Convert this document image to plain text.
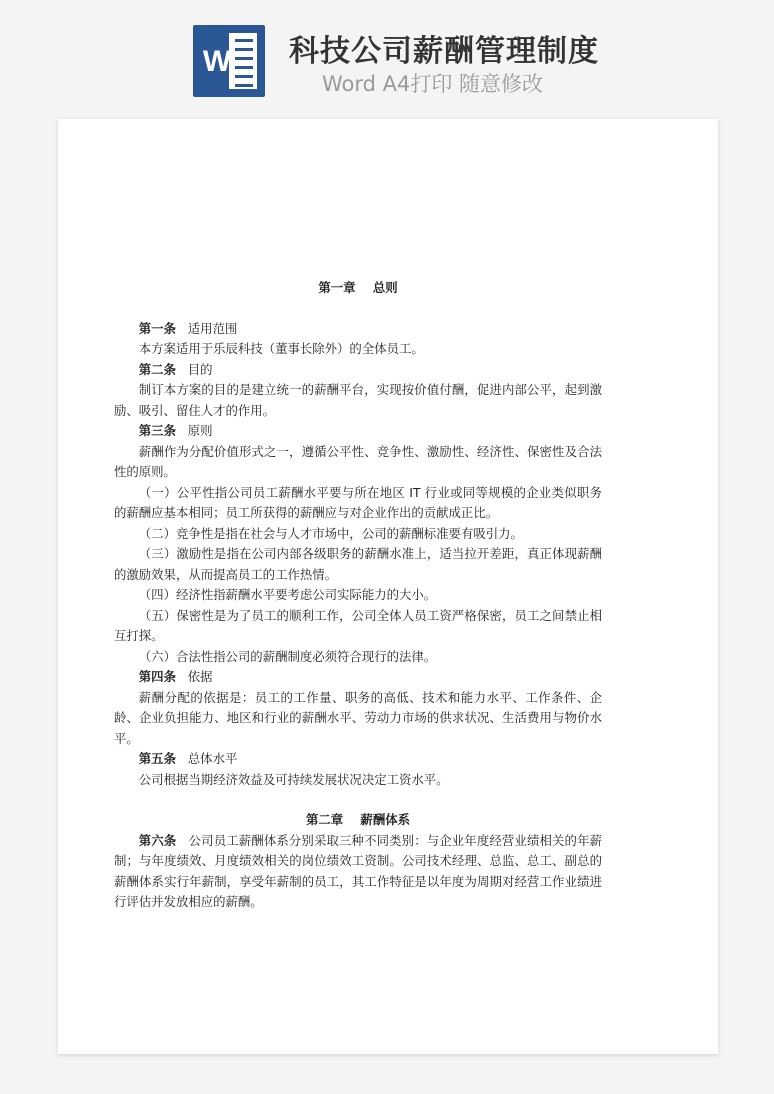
W 科技公司薪酬管理制度
Word A4打印 随意修改

第一章    总则

第一条 适用范围

本方案适用于乐辰科技（董事长除外）的全体员工。

第二条 目的

制订本方案的目的是建立统一的薪酬平台，实现按价值付酬，促进内部公平，起到激励、吸引、留住人才的作用。

第三条 原则

薪酬作为分配价值形式之一，遵循公平性、竞争性、激励性、经济性、保密性及合法性的原则。

（一）公平性指公司员工薪酬水平要与所在地区 IT 行业或同等规模的企业类似职务的薪酬应基本相同；员工所获得的薪酬应与对企业作出的贡献成正比。

（二）竞争性是指在社会与人才市场中，公司的薪酬标准要有吸引力。

（三）激励性是指在公司内部各级职务的薪酬水准上，适当拉开差距，真正体现薪酬的激励效果，从而提高员工的工作热情。

（四）经济性指薪酬水平要考虑公司实际能力的大小。

（五）保密性是为了员工的顺利工作，公司全体人员工资严格保密，员工之间禁止相互打探。

（六）合法性指公司的薪酬制度必须符合现行的法律。

第四条 依据

薪酬分配的依据是：员工的工作量、职务的高低、技术和能力水平、工作条件、企龄、企业负担能力、地区和行业的薪酬水平、劳动力市场的供求状况、生活费用与物价水平。

第五条 总体水平

公司根据当期经济效益及可持续发展状况决定工资水平。

第二章    薪酬体系

第六条 公司员工薪酬体系分别采取三种不同类别：与企业年度经营业绩相关的年薪制；与年度绩效、月度绩效相关的岗位绩效工资制。公司技术经理、总监、总工、副总的薪酬体系实行年薪制，享受年薪制的员工，其工作特征是以年度为周期对经营工作业绩进行评估并发放相应的薪酬。
